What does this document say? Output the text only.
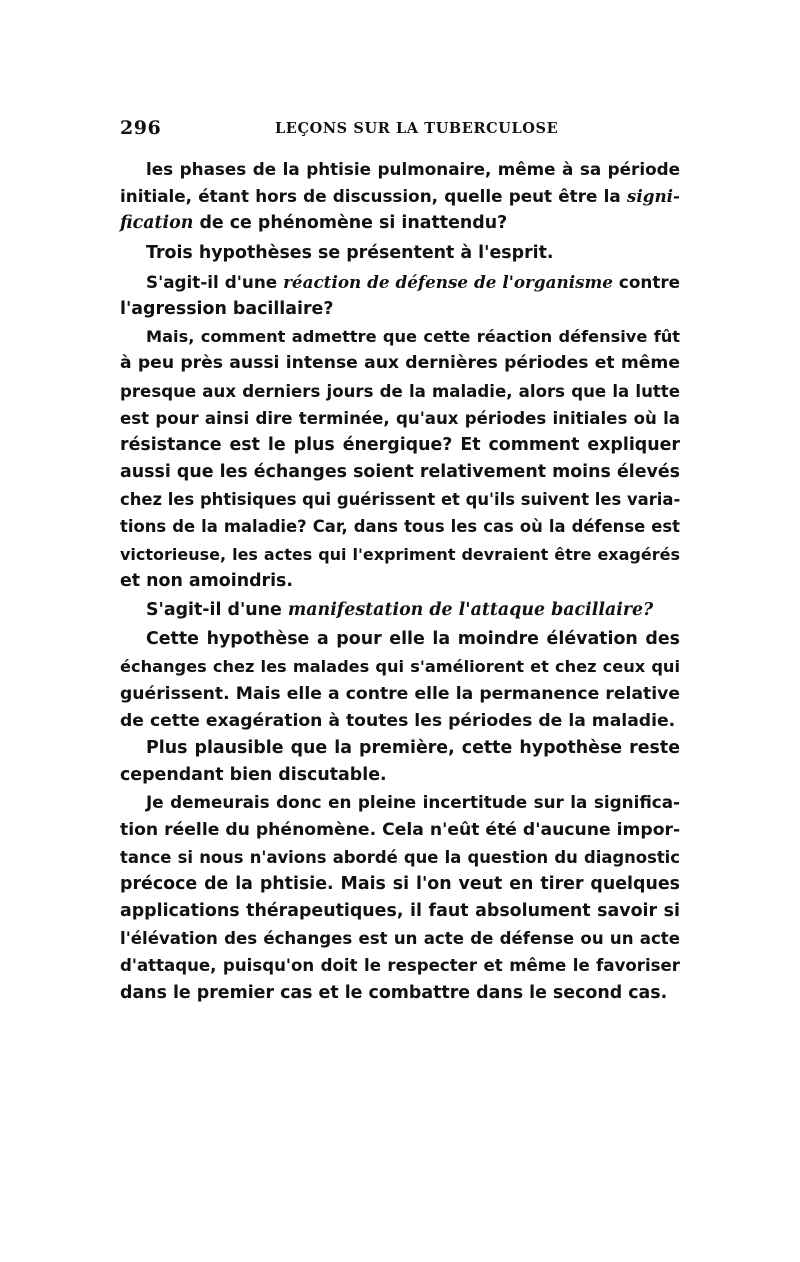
296	LEÇONS SUR LA TUBERCULOSE
les phases de la phtisie pulmonaire, même à sa période
initiale, étant hors de discussion, quelle peut être la signi-
fication de ce phénomène si inattendu?
Trois hypothèses se présentent à l'esprit.
S'agit-il d'une réaction de défense de l'organisme contre
l'agression bacillaire?
Mais, comment admettre que cette réaction défensive fût
à peu près aussi intense aux dernières périodes et même
presque aux derniers jours de la maladie, alors que la lutte
est pour ainsi dire terminée, qu'aux périodes initiales où la
résistance est le plus énergique? Et comment expliquer
aussi que les échanges soient relativement moins élevés
chez les phtisiques qui guérissent et qu'ils suivent les varia-
tions de la maladie? Car, dans tous les cas où la défense est
victorieuse, les actes qui l'expriment devraient être exagérés
et non amoindris.
S'agit-il d'une manifestation de l'attaque bacillaire?
Cette hypothèse a pour elle la moindre élévation des
échanges chez les malades qui s'améliorent et chez ceux qui
guérissent. Mais elle a contre elle la permanence relative
de cette exagération à toutes les périodes de la maladie.
Plus plausible que la première, cette hypothèse reste
cependant bien discutable.
Je demeurais donc en pleine incertitude sur la significa-
tion réelle du phénomène. Cela n'eût été d'aucune impor-
tance si nous n'avions abordé que la question du diagnostic
précoce de la phtisie. Mais si l'on veut en tirer quelques
applications thérapeutiques, il faut absolument savoir si
l'élévation des échanges est un acte de défense ou un acte
d'attaque, puisqu'on doit le respecter et même le favoriser
dans le premier cas et le combattre dans le second cas.
